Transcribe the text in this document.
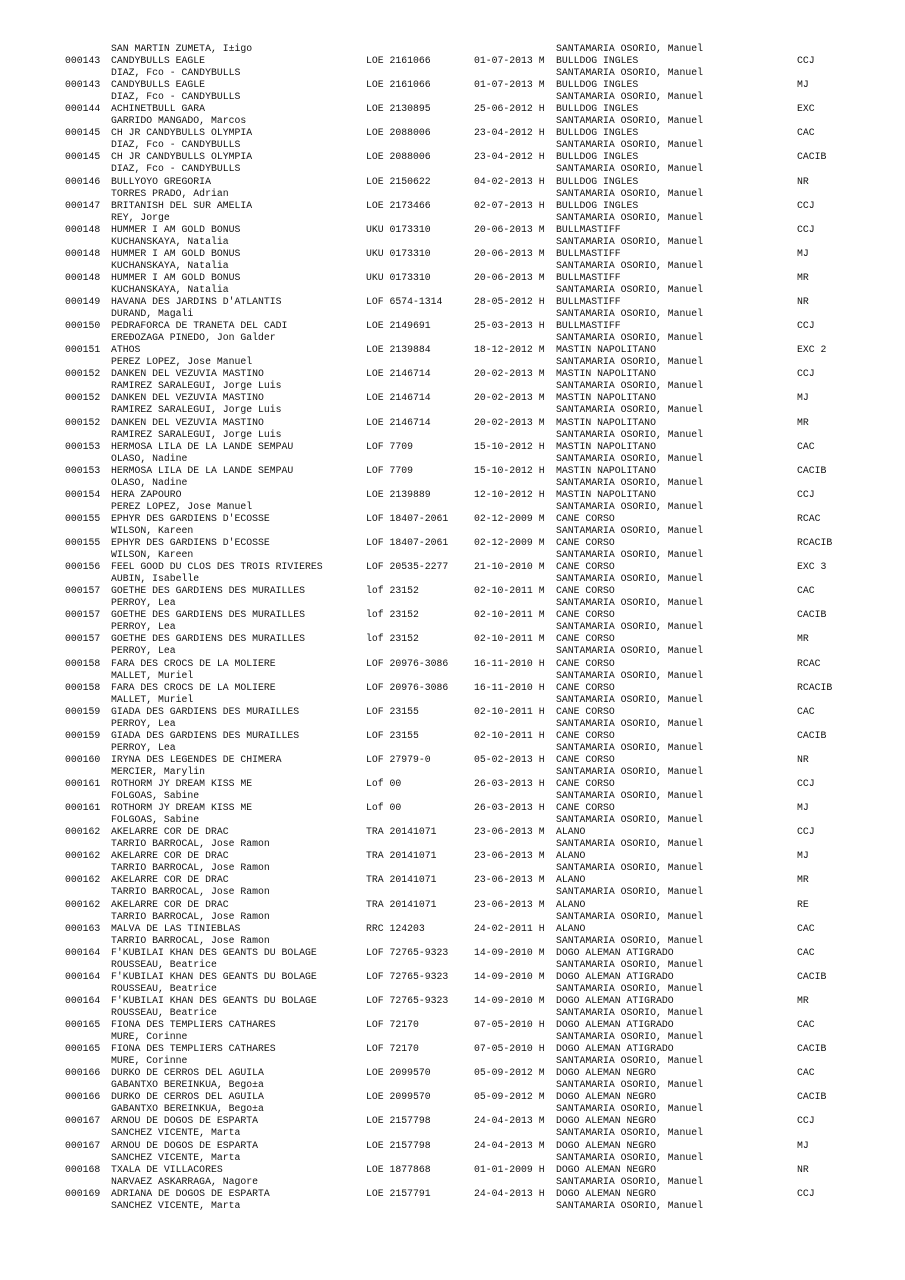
SAN MARTIN ZUMETA, I±igo

	SANTAMARIA OSORIO, Manuel

000143 CANDYBULLS EAGLE	LOE 2161066	01-07-2013 M BULLDOG INGLES	CCJ
DIAZ, Fco - CANDYBULLS	SANTAMARIA OSORIO, Manuel
000143 CANDYBULLS EAGLE	LOE 2161066	01-07-2013 M BULLDOG INGLES	MJ
DIAZ, Fco - CANDYBULLS	SANTAMARIA OSORIO, Manuel
000144 ACHINETBULL GARA	LOE 2130895	25-06-2012 H BULLDOG INGLES	EXC
GARRIDO MANGADO, Marcos	SANTAMARIA OSORIO, Manuel
000145 CH JR CANDYBULLS OLYMPIA	LOE 2088006	23-04-2012 H BULLDOG INGLES	CAC
DIAZ, Fco - CANDYBULLS	SANTAMARIA OSORIO, Manuel
000145 CH JR CANDYBULLS OLYMPIA	LOE 2088006	23-04-2012 H BULLDOG INGLES	CACIB
DIAZ, Fco - CANDYBULLS	SANTAMARIA OSORIO, Manuel
000146 BULLYOYO GREGORIA	LOE 2150622	04-02-2013 H BULLDOG INGLES	NR
TORRES PRADO, Adrian	SANTAMARIA OSORIO, Manuel
000147 BRITANISH DEL SUR AMELIA	LOE 2173466	02-07-2013 H BULLDOG INGLES	CCJ
REY, Jorge	SANTAMARIA OSORIO, Manuel
000148 HUMMER I AM GOLD BONUS	UKU 0173310	20-06-2013 M BULLMASTIFF	CCJ
KUCHANSKAYA, Natalia	SANTAMARIA OSORIO, Manuel
000148 HUMMER I AM GOLD BONUS	UKU 0173310	20-06-2013 M BULLMASTIFF	MJ
KUCHANSKAYA, Natalia	SANTAMARIA OSORIO, Manuel
000148 HUMMER I AM GOLD BONUS	UKU 0173310	20-06-2013 M BULLMASTIFF	MR
KUCHANSKAYA, Natalia	SANTAMARIA OSORIO, Manuel
000149 HAVANA DES JARDINS D'ATLANTIS	LOF 6574-1314	28-05-2012 H BULLMASTIFF	NR
DURAND, Magali	SANTAMARIA OSORIO, Manuel
000150 PEDRAFORCA DE TRANETA DEL CADI	LOE 2149691	25-03-2013 H BULLMASTIFF	CCJ
EREÐOZAGA PINEDO, Jon Galder	SANTAMARIA OSORIO, Manuel
000151 ATHOS	LOE 2139884	18-12-2012 M MASTIN NAPOLITANO	EXC 2
PEREZ LOPEZ, Jose Manuel	SANTAMARIA OSORIO, Manuel
000152 DANKEN DEL VEZUVIA MASTINO	LOE 2146714	20-02-2013 M MASTIN NAPOLITANO	CCJ
RAMIREZ SARALEGUI, Jorge Luis	SANTAMARIA OSORIO, Manuel
000152 DANKEN DEL VEZUVIA MASTINO	LOE 2146714	20-02-2013 M MASTIN NAPOLITANO	MJ
RAMIREZ SARALEGUI, Jorge Luis	SANTAMARIA OSORIO, Manuel
000152 DANKEN DEL VEZUVIA MASTINO	LOE 2146714	20-02-2013 M MASTIN NAPOLITANO	MR
RAMIREZ SARALEGUI, Jorge Luis	SANTAMARIA OSORIO, Manuel
000153 HERMOSA LILA DE LA LANDE SEMPAU	LOF 7709	15-10-2012 H MASTIN NAPOLITANO	CAC
OLASO, Nadine	SANTAMARIA OSORIO, Manuel
000153 HERMOSA LILA DE LA LANDE SEMPAU	LOF 7709	15-10-2012 H MASTIN NAPOLITANO	CACIB
OLASO, Nadine	SANTAMARIA OSORIO, Manuel
000154 HERA ZAPOURO	LOE 2139889	12-10-2012 H MASTIN NAPOLITANO	CCJ
PEREZ LOPEZ, Jose Manuel	SANTAMARIA OSORIO, Manuel
000155 EPHYR DES GARDIENS D'ECOSSE	LOF 18407-2061	02-12-2009 M CANE CORSO	RCAC
WILSON, Kareen	SANTAMARIA OSORIO, Manuel
000155 EPHYR DES GARDIENS D'ECOSSE	LOF 18407-2061	02-12-2009 M CANE CORSO	RCACIB
WILSON, Kareen	SANTAMARIA OSORIO, Manuel
000156 FEEL GOOD DU CLOS DES TROIS RIVIERES	LOF 20535-2277	21-10-2010 M CANE CORSO	EXC 3
AUBIN, Isabelle	SANTAMARIA OSORIO, Manuel
000157 GOETHE DES GARDIENS DES MURAILLES	lof 23152	02-10-2011 M CANE CORSO	CAC
PERROY, Lea	SANTAMARIA OSORIO, Manuel
000157 GOETHE DES GARDIENS DES MURAILLES	lof 23152	02-10-2011 M CANE CORSO	CACIB
PERROY, Lea	SANTAMARIA OSORIO, Manuel
000157 GOETHE DES GARDIENS DES MURAILLES	lof 23152	02-10-2011 M CANE CORSO	MR
PERROY, Lea	SANTAMARIA OSORIO, Manuel
000158 FARA DES CROCS DE LA MOLIERE	LOF 20976-3086	16-11-2010 H CANE CORSO	RCAC
MALLET, Muriel	SANTAMARIA OSORIO, Manuel
000158 FARA DES CROCS DE LA MOLIERE	LOF 20976-3086	16-11-2010 H CANE CORSO	RCACIB
MALLET, Muriel	SANTAMARIA OSORIO, Manuel
000159 GIADA DES GARDIENS DES MURAILLES	LOF 23155	02-10-2011 H CANE CORSO	CAC
PERROY, Lea	SANTAMARIA OSORIO, Manuel
000159 GIADA DES GARDIENS DES MURAILLES	LOF 23155	02-10-2011 H CANE CORSO	CACIB
PERROY, Lea	SANTAMARIA OSORIO, Manuel
000160 IRYNA DES LEGENDES DE CHIMERA	LOF 27979-0	05-02-2013 H CANE CORSO	NR
MERCIER, Marylin	SANTAMARIA OSORIO, Manuel
000161 ROTHORM JY DREAM KISS ME	Lof 00	26-03-2013 H CANE CORSO	CCJ
FOLGOAS, Sabine	SANTAMARIA OSORIO, Manuel
000161 ROTHORM JY DREAM KISS ME	Lof 00	26-03-2013 H CANE CORSO	MJ
FOLGOAS, Sabine	SANTAMARIA OSORIO, Manuel
000162 AKELARRE COR DE DRAC	TRA 20141071	23-06-2013 M ALANO	CCJ
TARRIO BARROCAL, Jose Ramon	SANTAMARIA OSORIO, Manuel
000162 AKELARRE COR DE DRAC	TRA 20141071	23-06-2013 M ALANO	MJ
TARRIO BARROCAL, Jose Ramon	SANTAMARIA OSORIO, Manuel
000162 AKELARRE COR DE DRAC	TRA 20141071	23-06-2013 M ALANO	MR
TARRIO BARROCAL, Jose Ramon	SANTAMARIA OSORIO, Manuel
000162 AKELARRE COR DE DRAC	TRA 20141071	23-06-2013 M ALANO	RE
TARRIO BARROCAL, Jose Ramon	SANTAMARIA OSORIO, Manuel
000163 MALVA DE LAS TINIEBLAS	RRC 124203	24-02-2011 H ALANO	CAC
TARRIO BARROCAL, Jose Ramon	SANTAMARIA OSORIO, Manuel
000164 F'KUBILAI KHAN DES GEANTS DU BOLAGE	LOF 72765-9323	14-09-2010 M DOGO ALEMAN ATIGRADO	CAC
ROUSSEAU, Beatrice	SANTAMARIA OSORIO, Manuel
000164 F'KUBILAI KHAN DES GEANTS DU BOLAGE	LOF 72765-9323	14-09-2010 M DOGO ALEMAN ATIGRADO	CACIB
ROUSSEAU, Beatrice	SANTAMARIA OSORIO, Manuel
000164 F'KUBILAI KHAN DES GEANTS DU BOLAGE	LOF 72765-9323	14-09-2010 M DOGO ALEMAN ATIGRADO	MR
ROUSSEAU, Beatrice	SANTAMARIA OSORIO, Manuel
000165 FIONA DES TEMPLIERS CATHARES	LOF 72170	07-05-2010 H DOGO ALEMAN ATIGRADO	CAC
MURE, Corinne	SANTAMARIA OSORIO, Manuel
000165 FIONA DES TEMPLIERS CATHARES	LOF 72170	07-05-2010 H DOGO ALEMAN ATIGRADO	CACIB
MURE, Corinne	SANTAMARIA OSORIO, Manuel
000166 DURKO DE CERROS DEL AGUILA	LOE 2099570	05-09-2012 M DOGO ALEMAN NEGRO	CAC
GABANTXO BEREINKUA, Bego±a	SANTAMARIA OSORIO, Manuel
000166 DURKO DE CERROS DEL AGUILA	LOE 2099570	05-09-2012 M DOGO ALEMAN NEGRO	CACIB
GABANTXO BEREINKUA, Bego±a	SANTAMARIA OSORIO, Manuel
000167 ARNOU DE DOGOS DE ESPARTA	LOE 2157798	24-04-2013 M DOGO ALEMAN NEGRO	CCJ
SANCHEZ VICENTE, Marta	SANTAMARIA OSORIO, Manuel
000167 ARNOU DE DOGOS DE ESPARTA	LOE 2157798	24-04-2013 M DOGO ALEMAN NEGRO	MJ
SANCHEZ VICENTE, Marta	SANTAMARIA OSORIO, Manuel
000168 TXALA DE VILLACORES	LOE 1877868	01-01-2009 H DOGO ALEMAN NEGRO	NR
NARVAEZ ASKARRAGA, Nagore	SANTAMARIA OSORIO, Manuel
000169 ADRIANA DE DOGOS DE ESPARTA	LOE 2157791	24-04-2013 H DOGO ALEMAN NEGRO	CCJ
SANCHEZ VICENTE, Marta	SANTAMARIA OSORIO, Manuel
